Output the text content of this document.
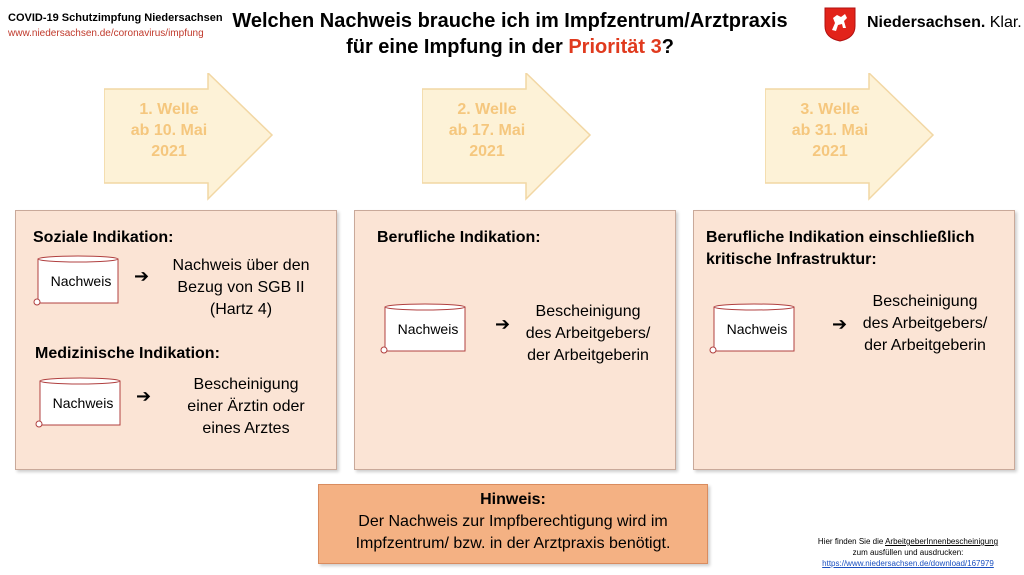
COVID-19 Schutzimpfung Niedersachsen
www.niedersachsen.de/coronavirus/impfung
Welchen Nachweis brauche ich im Impfzentrum/Arztpraxis
für eine Impfung in der Priorität 3?
Niedersachsen. Klar.
1. Welle
ab 10. Mai
2021
2. Welle
ab 17. Mai
2021
3. Welle
ab 31. Mai
2021
Soziale Indikation:
Nachweis	➔
Nachweis über den
Bezug von SGB II
(Hartz 4)
Medizinische Indikation:
Nachweis	➔
Bescheinigung
einer Ärztin oder
eines Arztes
Berufliche Indikation:
Nachweis	➔
Bescheinigung
des Arbeitgebers/
der Arbeitgeberin
Berufliche Indikation einschließlich
kritische Infrastruktur:
Nachweis	➔
Bescheinigung
des Arbeitgebers/
der Arbeitgeberin
Hinweis:
Der Nachweis zur Impfberechtigung wird im
Impfzentrum/ bzw. in der Arztpraxis benötigt.	Hier finden Sie die ArbeitgeberInnenbescheinigung
zum ausfüllen und ausdrucken:
https://www.niedersachsen.de/download/167979
